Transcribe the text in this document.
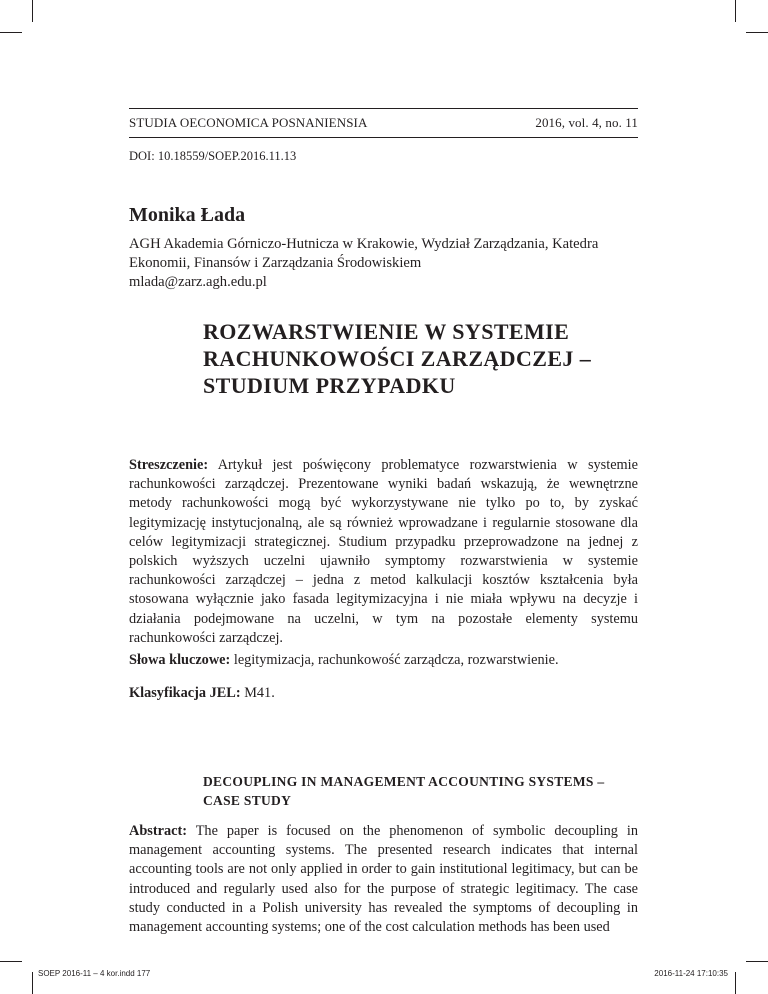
STUDIA OECONOMICA POSNANIENSIA	2016, vol. 4, no. 11
DOI: 10.18559/SOEP.2016.11.13
Monika Łada
AGH Akademia Górniczo-Hutnicza w Krakowie, Wydział Zarządzania, Katedra
Ekonomii, Finansów i Zarządzania Środowiskiem
mlada@zarz.agh.edu.pl
ROZWARSTWIENIE W SYSTEMIE
RACHUNKOWOŚCI ZARZĄDCZEJ –
STUDIUM PRZYPADKU
Streszczenie: Artykuł jest poświęcony problematyce rozwarstwienia w systemie rachunkowości zarządczej. Prezentowane wyniki badań wskazują, że wewnętrzne metody rachunkowości mogą być wykorzystywane nie tylko po to, by zyskać legitymizację instytucjonalną, ale są również wprowadzane i regularnie stosowane dla celów legitymizacji strategicznej. Studium przypadku przeprowadzone na jednej z polskich wyższych uczelni ujawniło symptomy rozwarstwienia w systemie rachunkowości zarządczej – jedna z metod kalkulacji kosztów kształcenia była stosowana wyłącznie jako fasada legitymizacyjna i nie miała wpływu na decyzje i działania podejmowane na uczelni, w tym na pozostałe elementy systemu rachunkowości zarządczej.
Słowa kluczowe: legitymizacja, rachunkowość zarządcza, rozwarstwienie.
Klasyfikacja JEL: M41.
DECOUPLING IN MANAGEMENT ACCOUNTING SYSTEMS –
CASE STUDY
Abstract: The paper is focused on the phenomenon of symbolic decoupling in management accounting systems. The presented research indicates that internal accounting tools are not only applied in order to gain institutional legitimacy, but can be introduced and regularly used also for the purpose of strategic legitimacy. The case study conducted in a Polish university has revealed the symptoms of decoupling in management accounting systems; one of the cost calculation methods has been used
SOEP 2016-11 – 4 kor.indd 177	2016-11-24 17:10:35
